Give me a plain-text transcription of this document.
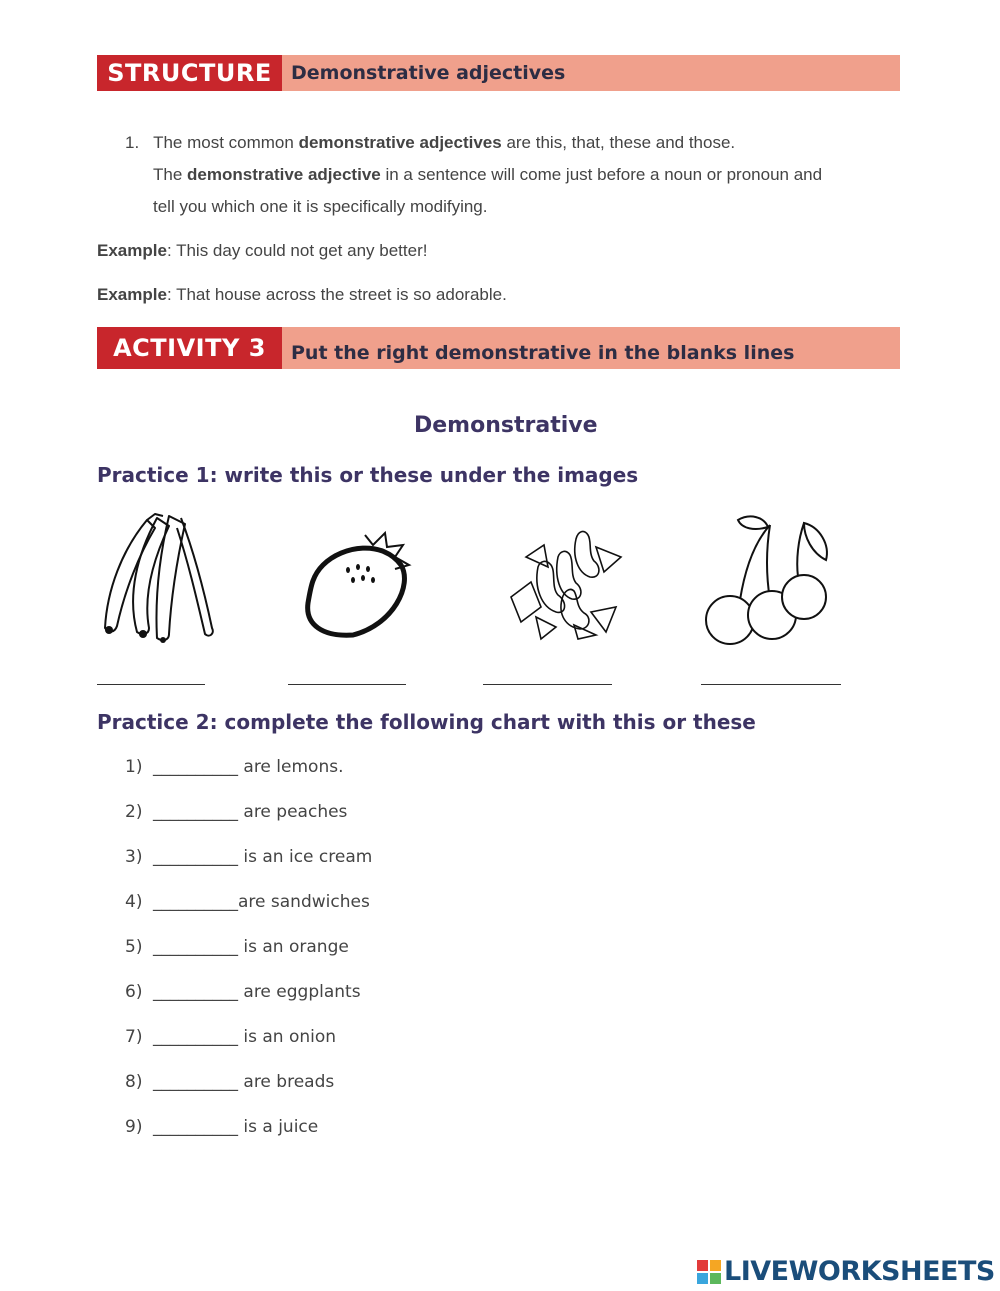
STRUCTURE	Demonstrative adjectives
1. The most common demonstrative adjectives are this, that, these and those.
The demonstrative adjective in a sentence will come just before a noun or pronoun and
tell you which one it is specifically modifying.
Example: This day could not get any better!
Example: That house across the street is so adorable.
ACTIVITY 3	Put the right demonstrative in the blanks lines
Demonstrative
Practice 1: write this or these under the images
Practice 2: complete the following chart with this or these
1) __________ are lemons.
2) __________ are peaches
3) __________ is an ice cream
4) __________are sandwiches
5) __________ is an orange
6) __________ are eggplants
7) __________ is an onion
8) __________ are breads
9) __________ is a juice
LIVEWORKSHEETS
